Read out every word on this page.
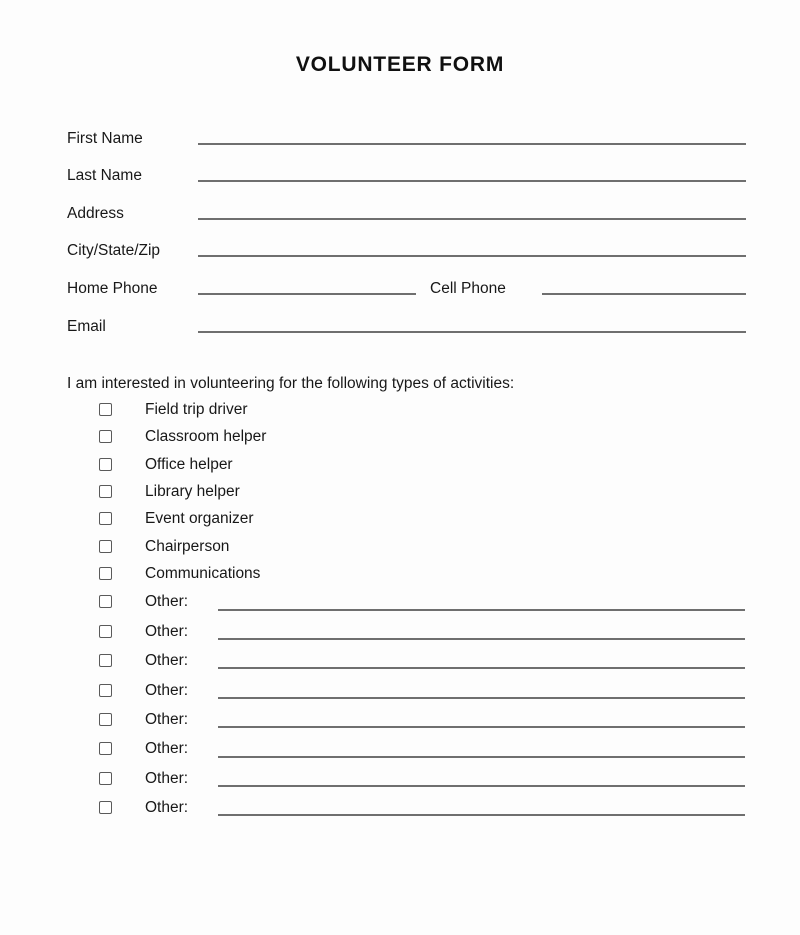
VOLUNTEER FORM
First Name
Last Name
Address
City/State/Zip
Home Phone	Cell Phone
Email
I am interested in volunteering for the following types of activities:
Field trip driver
Classroom helper
Office helper
Library helper
Event organizer
Chairperson
Communications
Other:
Other:
Other:
Other:
Other:
Other:
Other:
Other:
